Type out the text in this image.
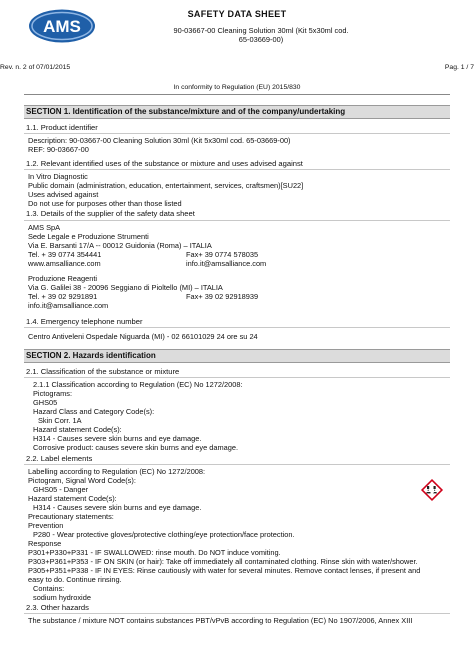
AMS
SAFETY DATA SHEET
90-03667-00 Cleaning Solution 30ml (Kit 5x30ml cod.
65-03669-00)
Rev. n. 2 of 07/01/2015	Pag. 1 / 7
In conformity to Regulation (EU) 2015/830
SECTION 1. Identification of the substance/mixture and of the company/undertaking
1.1. Product identifier
Description: 90-03667-00 Cleaning Solution 30ml (Kit 5x30ml cod. 65-03669-00)
REF: 90-03667-00
1.2. Relevant identified uses of the substance or mixture and uses advised against
In Vitro Diagnostic
Public domain (administration, education, entertainment, services, craftsmen)[SU22]
Uses advised against
Do not use for purposes other than those listed
1.3. Details of the supplier of the safety data sheet
AMS SpA
Sede Legale e Produzione Strumenti
Via E. Barsanti 17/A -- 00012 Guidonia (Roma) – ITALIA
Tel. + 39 0774 354441	Fax+ 39 0774 578035
www.amsalliance.com	info.it@amsalliance.com
Produzione Reagenti
Via G. Galilei 38 - 20096 Seggiano di Pioltello (MI) – ITALIA
Tel. + 39 02 9291891	Fax+ 39 02 92918939
info.it@amsalliance.com
1.4. Emergency telephone number
Centro Antiveleni Ospedale Niguarda (MI) - 02 66101029 24 ore su 24
SECTION 2. Hazards identification
2.1. Classification of the substance or mixture
2.1.1 Classification according to Regulation (EC) No 1272/2008:
Pictograms:
GHS05
Hazard Class and Category Code(s):
Skin Corr. 1A
Hazard statement Code(s):
H314 - Causes severe skin burns and eye damage.
Corrosive product: causes severe skin burns and eye damage.
2.2. Label elements
Labelling according to Regulation (EC) No 1272/2008:
Pictogram, Signal Word Code(s):
GHS05 - Danger
Hazard statement Code(s):
H314 - Causes severe skin burns and eye damage.
Precautionary statements:
Prevention
P280 - Wear protective gloves/protective clothing/eye protection/face protection.
Response
P301+P330+P331 - IF SWALLOWED: rinse mouth. Do NOT induce vomiting.
P303+P361+P353 - IF ON SKIN (or hair): Take off immediately all contaminated clothing. Rinse skin with water/shower.
P305+P351+P338 - IF IN EYES: Rinse cautiously with water for several minutes. Remove contact lenses, if present and
easy to do. Continue rinsing.
Contains:
sodium hydroxide
2.3. Other hazards
The substance / mixture NOT contains substances PBT/vPvB according to Regulation (EC) No 1907/2006, Annex XIII
